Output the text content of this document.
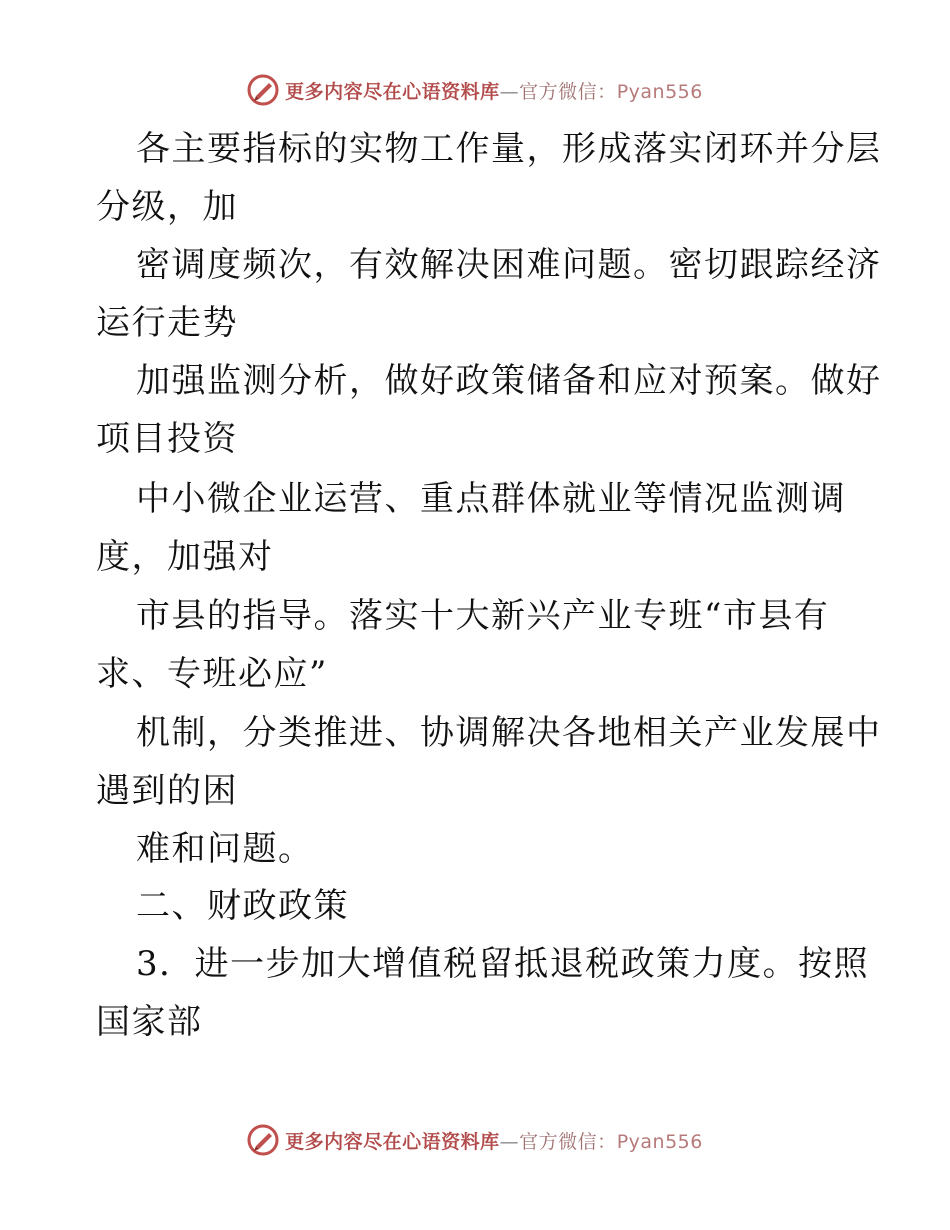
更多内容尽在心语资料库—官方微信：Pyan556
各主要指标的实物工作量，形成落实闭环并分层
分级，加
密调度频次，有效解决困难问题。密切跟踪经济
运行走势
加强监测分析，做好政策储备和应对预案。做好
项目投资
中小微企业运营、重点群体就业等情况监测调
度，加强对
市县的指导。落实十大新兴产业专班“市县有
求、专班必应”
机制，分类推进、协调解决各地相关产业发展中
遇到的困
难和问题。
二、财政政策
3．进一步加大增值税留抵退税政策力度。按照
国家部
更多内容尽在心语资料库—官方微信：Pyan556
